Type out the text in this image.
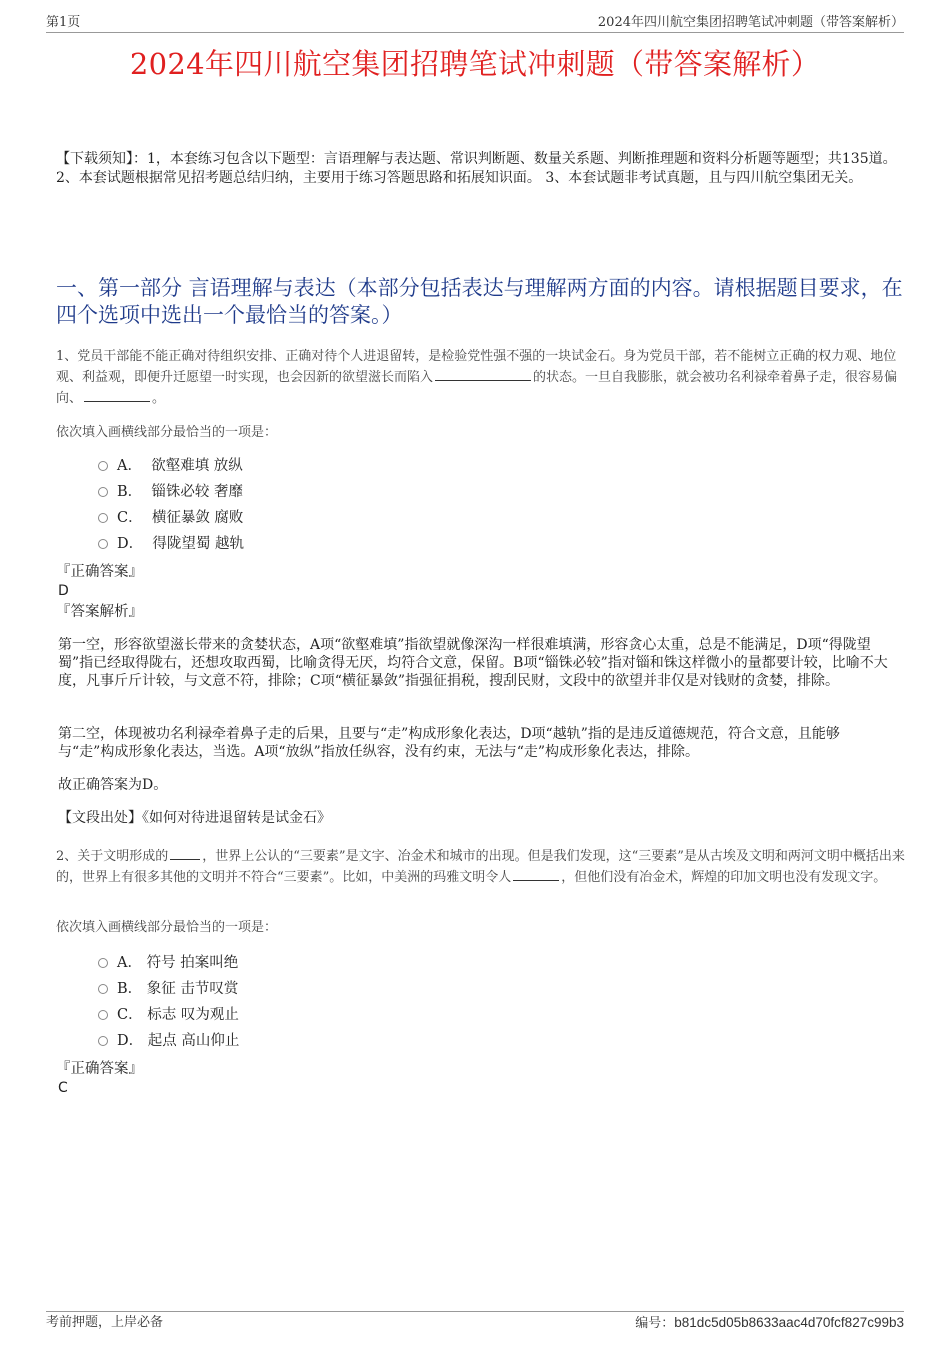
第1页	2024年四川航空集团招聘笔试冲刺题（带答案解析）
2024年四川航空集团招聘笔试冲刺题（带答案解析）
【下载须知】：1，本套练习包含以下题型：言语理解与表达题、常识判断题、数量关系题、判断推理题和资料分析题等题型；共135道。 2、本套试题根据常见招考题总结归纳，主要用于练习答题思路和拓展知识面。 3、本套试题非考试真题，且与四川航空集团无关。
一、第一部分 言语理解与表达（本部分包括表达与理解两方面的内容。请根据题目要求，在四个选项中选出一个最恰当的答案。）
1、党员干部能不能正确对待组织安排、正确对待个人进退留转，是检验党性强不强的一块试金石。身为党员干部，若不能树立正确的权力观、地位观、利益观，即便升迁愿望一时实现，也会因新的欲望滋长而陷入	的状态。一旦自我膨胀，就会被功名利禄牵着鼻子走，很容易偏向、	。
依次填入画横线部分最恰当的一项是：
A． 欲壑难填 放纵
B． 锱铢必较 奢靡
C． 横征暴敛 腐败
D． 得陇望蜀 越轨
『正确答案』
D
『答案解析』
第一空，形容欲望滋长带来的贪婪状态，A项“欲壑难填”指欲望就像深沟一样很难填满，形容贪心太重，总是不能满足，D项“得陇望蜀”指已经取得陇右，还想攻取西蜀，比喻贪得无厌，均符合文意，保留。B项“锱铢必较”指对锱和铢这样微小的量都要计较，比喻不大度，凡事斤斤计较，与文意不符，排除；C项“横征暴敛”指强征捐税，搜刮民财，文段中的欲望并非仅是对钱财的贪婪，排除。
第二空，体现被功名利禄牵着鼻子走的后果，且要与“走”构成形象化表达，D项“越轨”指的是违反道德规范，符合文意，且能够与“走”构成形象化表达，当选。A项“放纵”指放任纵容，没有约束，无法与“走”构成形象化表达，排除。
故正确答案为D。
【文段出处】《如何对待进退留转是试金石》
2、关于文明形成的	，世界上公认的“三要素”是文字、冶金术和城市的出现。但是我们发现，这“三要素”是从古埃及文明和两河文明中概括出来的，世界上有很多其他的文明并不符合“三要素”。比如，中美洲的玛雅文明令人	，但他们没有冶金术，辉煌的印加文明也没有发现文字。
依次填入画横线部分最恰当的一项是：
A． 符号 拍案叫绝
B． 象征 击节叹赏
C． 标志 叹为观止
D． 起点 高山仰止
『正确答案』
C
考前押题，上岸必备	编号：b81dc5d05b8633aac4d70fcf827c99b3
